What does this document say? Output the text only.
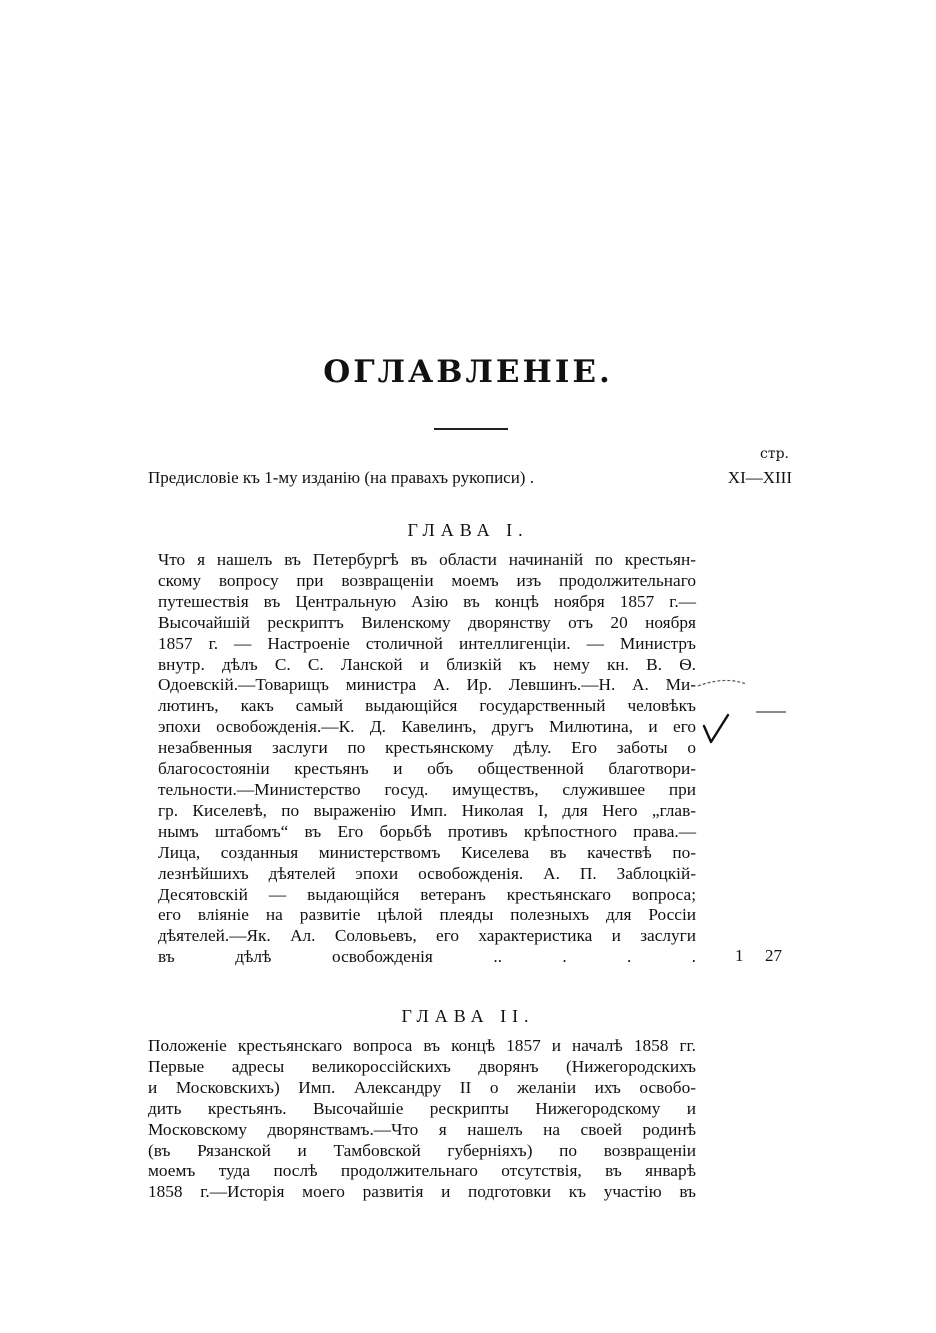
ОГЛАВЛЕНІЕ.
стр.
Предисловіе къ 1-му изданію (на правахъ рукописи) .	XI—XIII
ГЛАВА I.
Что я нашелъ въ Петербургѣ въ области начинаній по крестьян-
скому вопросу при возвращеніи моемъ изъ продолжительнаго
путешествія въ Центральную Азію въ концѣ ноября 1857 г.—
Высочайшій рескриптъ Виленскому дворянству отъ 20 ноября
1857 г. — Настроеніе столичной интеллигенціи. — Министръ
внутр. дѣлъ С. С. Ланской и близкій къ нему кн. В. Ѳ.
Одоевскій.—Товарищъ министра А. Ир. Левшинъ.—Н. А. Ми-
лютинъ, какъ самый выдающійся государственный человѣкъ
эпохи освобожденія.—К. Д. Кавелинъ, другъ Милютина, и его
незабвенныя заслуги по крестьянскому дѣлу. Его заботы о
благосостояніи крестьянъ и объ общественной благотвори-
тельности.—Министерство госуд. имуществъ, служившее при
гр. Киселевѣ, по выраженію Имп. Николая I, для Него „глав-
нымъ штабомъ“ въ Его борьбѣ противъ крѣпостного права.—
Лица, созданныя министерствомъ Киселева въ качествѣ по-
лезнѣйшихъ дѣятелей эпохи освобожденія. А. П. Заблоцкій-
Десятовскій — выдающійся ветеранъ крестьянскаго вопроса;
его вліяніе на развитіе цѣлой плеяды полезныхъ для Россіи
дѣятелей.—Як. Ал. Соловьевъ, его характеристика и заслуги
въ дѣлѣ освобожденія .. . . . 1 27
ГЛАВА II.
Положеніе крестьянскаго вопроса въ концѣ 1857 и началѣ 1858 гг.
Первые адресы великороссійскихъ дворянъ (Нижегородскихъ
и Московскихъ) Имп. Александру II о желаніи ихъ освобо-
дить крестьянъ. Высочайшіе рескрипты Нижегородскому и
Московскому дворянствамъ.—Что я нашелъ на своей родинѣ
(въ Рязанской и Тамбовской губерніяхъ) по возвращеніи
моемъ туда послѣ продолжительнаго отсутствія, въ январѣ
1858 г.—Исторія моего развитія и подготовки къ участію въ
